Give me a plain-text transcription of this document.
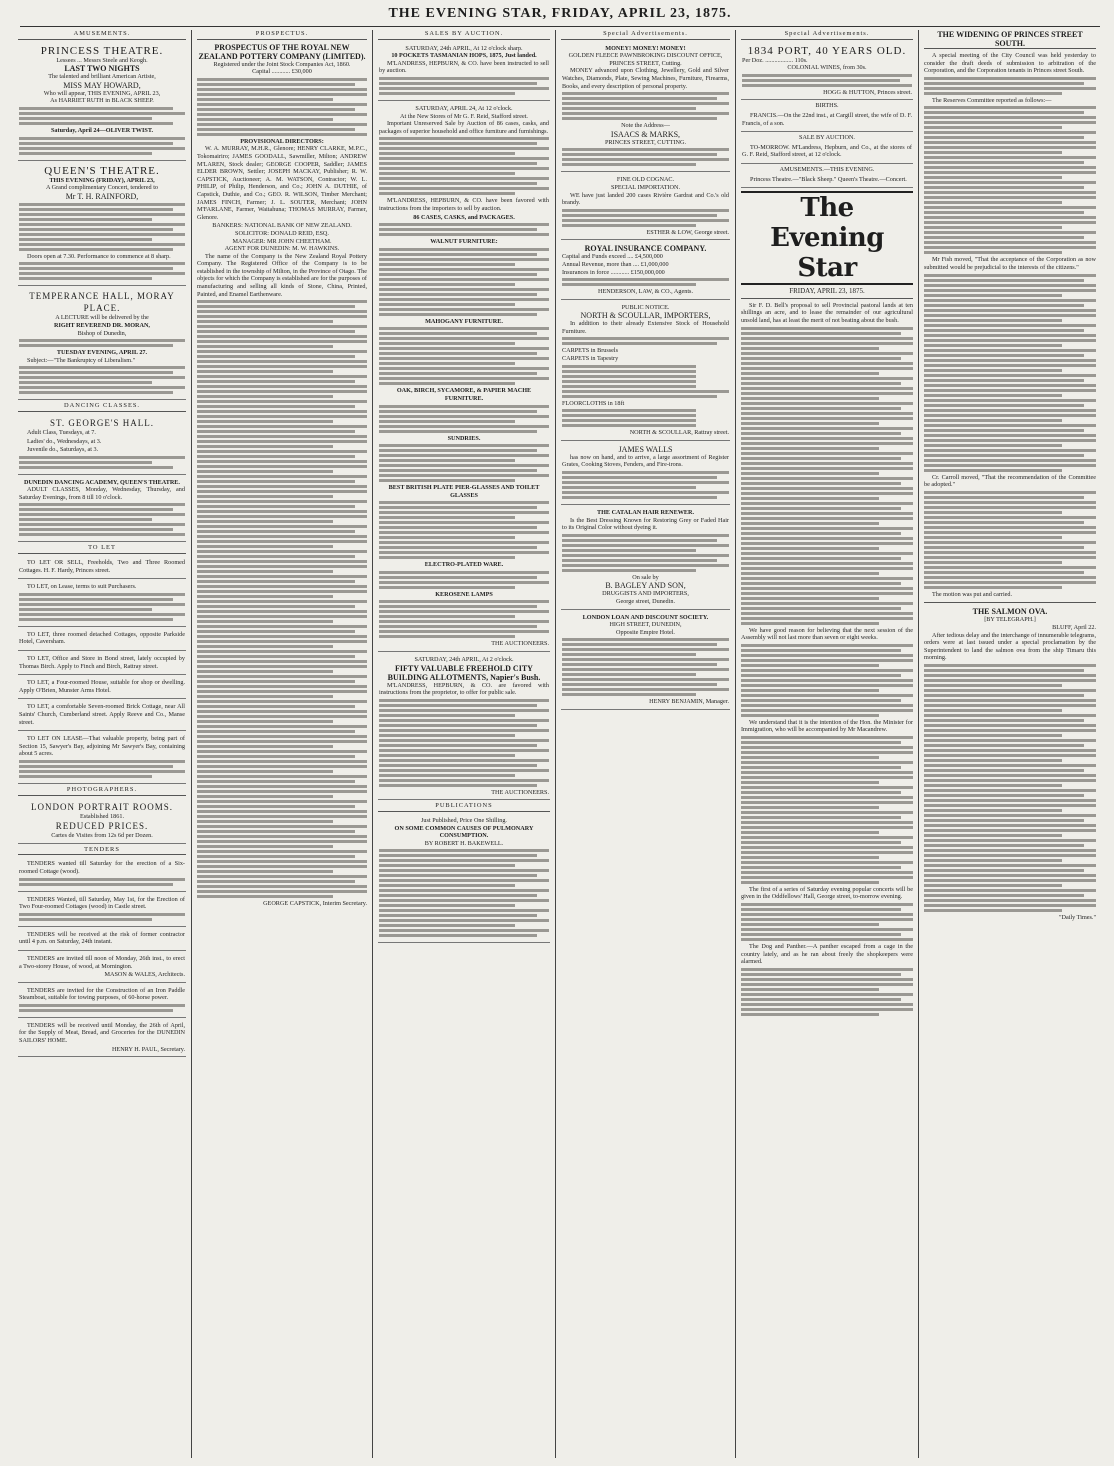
THE EVENING STAR, FRIDAY, APRIL 23, 1875.
AMUSEMENTS.
PRINCESS THEATRE.
Lessees ... Messrs Steele and Keogh.
LAST TWO NIGHTS
The talented and brilliant American Artiste,
MISS MAY HOWARD,
Who will appear, THIS EVENING, APRIL 23,
As HARRIET RUTH in BLACK SHEEP.
Saturday, April 24—OLIVER TWIST.
QUEEN'S THEATRE.
THIS EVENING (FRIDAY), APRIL 23,
A Grand complimentary Concert, tendered to
Mr T. H. RAINFORD,
Doors open at 7.30. Performance to commence at 8 sharp.
TEMPERANCE HALL, MORAY PLACE.
A LECTURE will be delivered by the
RIGHT REVEREND DR. MORAN,
Bishop of Dunedin,
TUESDAY EVENING, APRIL 27.
Subject:—"The Bankruptcy of Liberalism."
DANCING CLASSES.
ST. GEORGE'S HALL.
Adult Class, Tuesdays, at 7.
Ladies' do., Wednesdays, at 3.
Juvenile do., Saturdays, at 3.
DUNEDIN DANCING ACADEMY, QUEEN'S THEATRE.
ADULT CLASSES, Monday, Wednesday, Thursday, and Saturday Evenings, from 8 till 10 o'clock.
TO LET
TO LET OR SELL, Freeholds, Two and Three Roomed Cottages. H. F. Hardy, Princes street.
TO LET, on Lease, terms to suit Purchasers.
TO LET, three roomed detached Cottages, opposite Parkside Hotel, Caversham.
TO LET, Office and Store in Bond street, lately occupied by Thomas Birch. Apply to Finch and Birch, Rattray street.
TO LET, a Four-roomed House, suitable for shop or dwelling. Apply O'Brien, Munster Arms Hotel.
TO LET, a comfortable Seven-roomed Brick Cottage, near All Saints' Church, Cumberland street. Apply Reeve and Co., Manse street.
TO LET ON LEASE—That valuable property, being part of Section 15, Sawyer's Bay, adjoining Mr Sawyer's Bay, containing about 5 acres.
PHOTOGRAPHERS.
LONDON PORTRAIT ROOMS.
Established 1861.
REDUCED PRICES.
Cartes de Visites from 12s 6d per Dozen.
TENDERS
TENDERS wanted till Saturday for the erection of a Six-roomed Cottage (wood).
TENDERS Wanted, till Saturday, May 1st, for the Erection of Two Four-roomed Cottages (wood) in Castle street.
TENDERS will be received at the risk of former contractor until 4 p.m. on Saturday, 24th instant.
TENDERS are invited till noon of Monday, 26th inst., to erect a Two-storey House, of wood, at Mornington.
MASON & WALES, Architects.
TENDERS are invited for the Construction of an Iron Paddle Steamboat, suitable for towing purposes, of 60-horse power.
TENDERS will be received until Monday, the 26th of April, for the Supply of Meat, Bread, and Groceries for the DUNEDIN SAILORS' HOME.
HENRY H. PAUL, Secretary.
PROSPECTUS.
PROSPECTUS OF THE ROYAL NEW ZEALAND POTTERY COMPANY (LIMITED).
Registered under the Joint Stock Companies Act, 1860.
Capital ............ £30,000
PROVISIONAL DIRECTORS:
W. A. MURRAY, M.H.R., Glenore; HENRY CLARKE, M.P.C., Tokomairiro; JAMES GOODALL, Sawmiller, Milton; ANDREW M'LAREN, Stock dealer; GEORGE COOPER, Saddler; JAMES ELDER BROWN, Settler; JOSEPH MACKAY, Publisher; R. W. CAPSTICK, Auctioneer; A. M. WATSON, Contractor; W. L. PHILIP, of Philip, Henderson, and Co.; JOHN A. DUTHIE, of Capstick, Duthie, and Co.; GEO. R. WILSON, Timber Merchant; JAMES FINCH, Farmer; J. L. SOUTER, Merchant; JOHN M'FARLANE, Farmer, Waitahuna; THOMAS MURRAY, Farmer, Glenore.
BANKERS: NATIONAL BANK OF NEW ZEALAND.
SOLICITOR: DONALD REID, ESQ.
MANAGER: MR JOHN CHEETHAM.
AGENT FOR DUNEDIN: M. W. HAWKINS.
The name of the Company is the New Zealand Royal Pottery Company. The Registered Office of the Company is to be established in the township of Milton, in the Province of Otago. The objects for which the Company is established are for the purposes of manufacturing and selling all kinds of Stone, China, Printed, Painted, and Enamel Earthenware.
GEORGE CAPSTICK, Interim Secretary.
SALES BY AUCTION.
SATURDAY, 24th APRIL, At 12 o'clock sharp.
10 POCKETS TASMANIAN HOPS, 1875, Just landed.
M'LANDRESS, HEPBURN, & CO. have been instructed to sell by auction.
SATURDAY, APRIL 24, At 12 o'clock.
At the New Stores of Mr G. F. Reid, Stafford street.
Important Unreserved Sale by Auction of 86 cases, casks, and packages of superior household and office furniture and furnishings.
M'LANDRESS, HEPBURN, & CO. have been favored with instructions from the importers to sell by auction.
86 CASES, CASKS, and PACKAGES.
WALNUT FURNITURE:
MAHOGANY FURNITURE.
OAK, BIRCH, SYCAMORE, & PAPIER MACHE FURNITURE.
SUNDRIES.
BEST BRITISH PLATE PIER-GLASSES AND TOILET GLASSES
ELECTRO-PLATED WARE.
KEROSENE LAMPS
THE AUCTIONEERS.
SATURDAY, 24th APRIL, At 2 o'clock.
FIFTY VALUABLE FREEHOLD CITY BUILDING ALLOTMENTS, Napier's Bush.
M'LANDRESS, HEPBURN, & CO. are favored with instructions from the proprietor, to offer for public sale.
THE AUCTIONEERS.
PUBLICATIONS
Just Published, Price One Shilling.
ON SOME COMMON CAUSES OF PULMONARY CONSUMPTION.
BY ROBERT H. BAKEWELL.
Special Advertisements.
MONEY! MONEY! MONEY!
GOLDEN FLEECE PAWNBROKING DISCOUNT OFFICE,
PRINCES STREET, Cutting.
MONEY advanced upon Clothing, Jewellery, Gold and Silver Watches, Diamonds, Plate, Sewing Machines, Furniture, Firearms, Books, and every description of personal property.
Note the Address—
ISAACS & MARKS,
PRINCES STREET, CUTTING.
FINE OLD COGNAC.
SPECIAL IMPORTATION.
WE have just landed 200 cases Rivière Gardrat and Co.'s old brandy.
ESTHER & LOW, George street.
ROYAL INSURANCE COMPANY.
Capital and Funds exceed .... £4,500,000
Annual Revenue, more than .... £1,000,000
Insurances in force ............ £150,000,000
HENDERSON, LAW, & CO., Agents.
PUBLIC NOTICE.
NORTH & SCOULLAR, IMPORTERS,
In addition to their already Extensive Stock of Household Furniture.
CARPETS in Brussels
CARPETS in Tapestry
FLOORCLOTHS in 18ft
NORTH & SCOULLAR, Rattray street.
JAMES WALLS
has now on hand, and to arrive, a large assortment of Register Grates, Cooking Stoves, Fenders, and Fire-irons.
THE CATALAN HAIR RENEWER.
Is the Best Dressing Known for Restoring Grey or Faded Hair to its Original Color without dyeing it.
On sale by
B. BAGLEY AND SON,
DRUGGISTS AND IMPORTERS,
George street, Dunedin.
LONDON LOAN AND DISCOUNT SOCIETY.
HIGH STREET, DUNEDIN,
Opposite Empire Hotel.
HENRY BENJAMIN, Manager.
Special Advertisements.
1834 PORT, 40 YEARS OLD.
Per Doz. .................. 110s.
COLONIAL WINES, from 30s.
HOGG & HUTTON, Princes street.
BIRTHS.
FRANCIS.—On the 22nd inst., at Cargill street, the wife of D. F. Francis, of a son.
SALE BY AUCTION.
TO-MORROW. M'Landress, Hepburn, and Co., at the stores of G. F. Reid, Stafford street, at 12 o'clock.
AMUSEMENTS.—THIS EVENING.
Princess Theatre.—"Black Sheep." Queen's Theatre.—Concert.
The Evening Star
FRIDAY, APRIL 23, 1875.
Sir F. D. Bell's proposal to sell Provincial pastoral lands at ten shillings an acre, and to lease the remainder of our agricultural unsold land, has at least the merit of not beating about the bush.
We have good reason for believing that the next session of the Assembly will not last more than seven or eight weeks.
We understand that it is the intention of the Hon. the Minister for Immigration, who will be accompanied by Mr Macandrew.
The first of a series of Saturday evening popular concerts will be given in the Oddfellows' Hall, George street, to-morrow evening.
The Dog and Panther.—A panther escaped from a cage in the country lately, and as he ran about freely the shopkeepers were alarmed.
THE WIDENING OF PRINCES STREET SOUTH.
A special meeting of the City Council was held yesterday to consider the draft deeds of submission to arbitration of the Corporation, and the Corporation tenants in Princes street South.
The Reserves Committee reported as follows:—
Mr Fish moved, "That the acceptance of the Corporation as now submitted would be prejudicial to the interests of the citizens."
Cr. Carroll moved, "That the recommendation of the Committee be adopted."
The motion was put and carried.
THE SALMON OVA.
[BY TELEGRAPH.]
BLUFF, April 22.
After tedious delay and the interchange of innumerable telegrams, orders were at last issued under a special proclamation by the Superintendent to land the salmon ova from the ship Timaru this morning.
"Daily Times."
